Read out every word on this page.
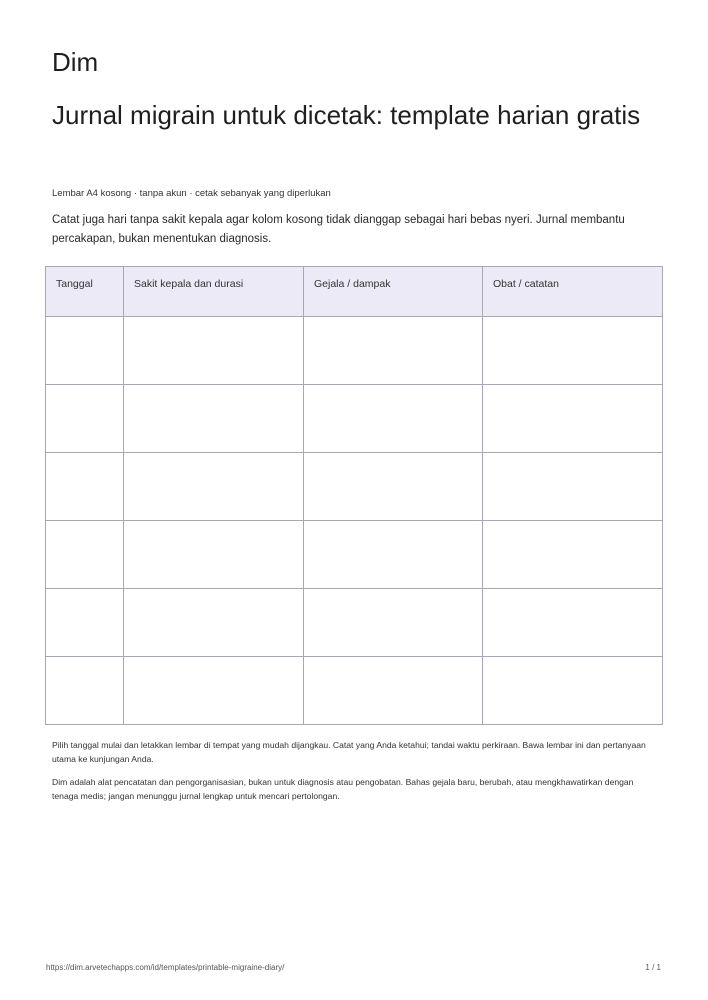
Dim
Jurnal migrain untuk dicetak: template harian gratis

Lembar A4 kosong · tanpa akun · cetak sebanyak yang diperlukan

Catat juga hari tanpa sakit kepala agar kolom kosong tidak dianggap sebagai hari bebas nyeri. Jurnal membantu percakapan, bukan menentukan diagnosis.

Tanggal	Sakit kepala dan durasi	Gejala / dampak	Obat / catatan

Pilih tanggal mulai dan letakkan lembar di tempat yang mudah dijangkau. Catat yang Anda ketahui; tandai waktu perkiraan. Bawa lembar ini dan pertanyaan utama ke kunjungan Anda.

Dim adalah alat pencatatan dan pengorganisasian, bukan untuk diagnosis atau pengobatan. Bahas gejala baru, berubah, atau mengkhawatirkan dengan tenaga medis; jangan menunggu jurnal lengkap untuk mencari pertolongan.

https://dim.arvetechapps.com/id/templates/printable-migraine-diary/	1 / 1
